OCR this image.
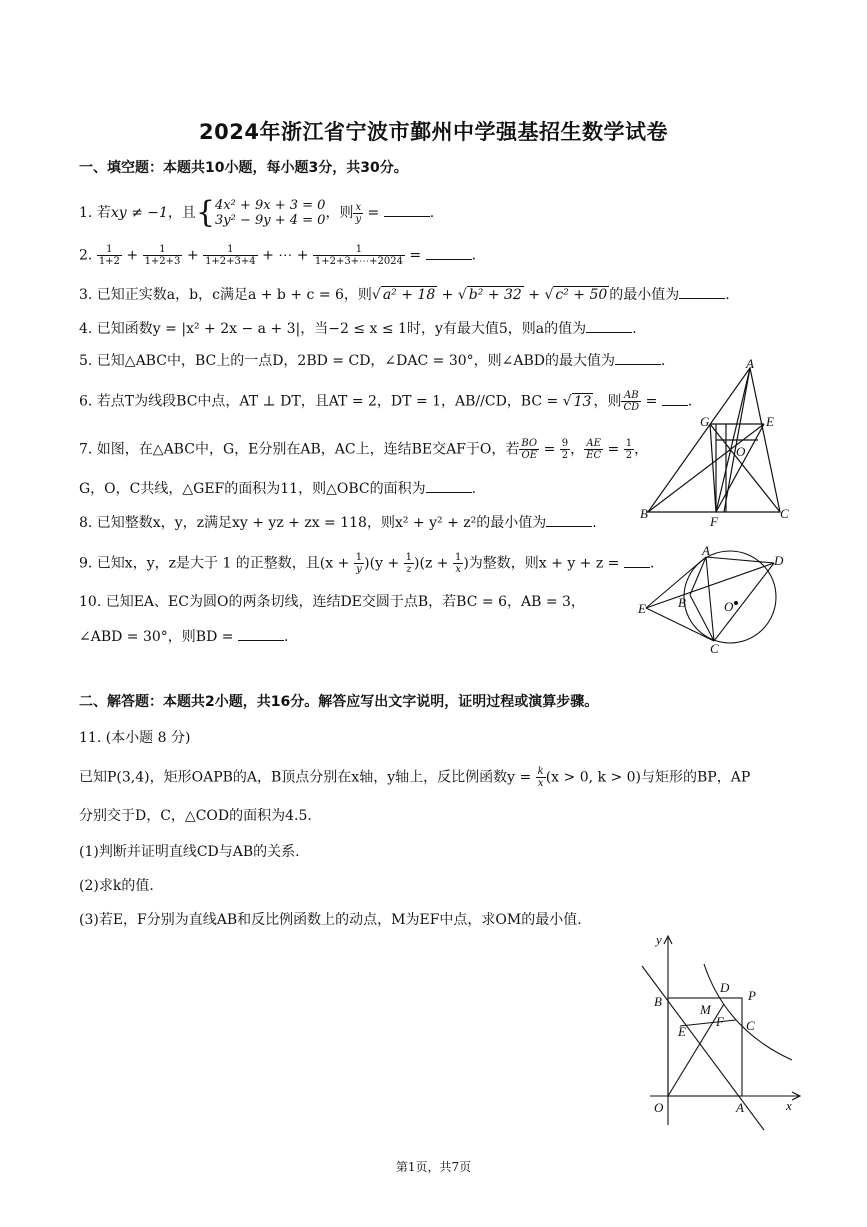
2024年浙江省宁波市鄞州中学强基招生数学试卷
一、填空题：本题共10小题，每小题3分，共30分。
1. 若xy ≠ −1，且{ 4x² + 9x + 3 = 0
3y² − 9y + 4 = 0 ，则 $\frac{x}{y}$ =	.
2. $\frac{1}{1+2} + \frac{1}{1+2+3} + \frac{1}{1+2+3+4}$ + ⋯ + $\frac{1}{1+2+3+\cdots+2024}$ =	.
3. 已知正实数a，b，c满足a + b + c = 6，则√ a² + 18 + √ b² + 32 + √ c² + 50 的最小值为	.
4. 已知函数y = |x² + 2x − a + 3|，当−2 ≤ x ≤ 1时，y有最大值5，则a的值为	.
5. 已知△ABC中，BC上的一点D，2BD = CD，∠DAC = 30°，则∠ABD的最大值为	.
6. 若点T为线段BC中点，AT ⊥ DT，且AT = 2，DT = 1，AB//CD，BC = √ 13 ，则 $\frac{AB}{CD}$ = .
7. 如图，在△ABC中，G，E分别在AB，AC上，连结BE交AF于O，若 $\frac{BO}{OE} = \frac{9}{2}$ ， $\frac{AE}{EC} = \frac{1}{2}$ ，
G，O，C共线，△GEF的面积为11，则△OBC的面积为	.
8. 已知整数x，y，z满足xy + yz + zx = 118，则x² + y² + z²的最小值为	.
9. 已知x，y，z是大于 1 的正整数，且$(x + \frac{1}{y} )(y + \frac{1}{z} )(z + \frac{1}{x}$ )为整数，则x + y + z = .
10. 已知EA、EC为圆O的两条切线，连结DE交圆于点B，若BC = 6，AB = 3，
∠ABD = 30°，则BD =	.
二、解答题：本题共2小题，共16分。解答应写出文字说明，证明过程或演算步骤。
11. (本小题 8 分)
已知P(3,4)，矩形OAPB的A，B顶点分别在x轴，y轴上，反比例函数$y = \frac{k}{x} (x > 0$, k > 0)与矩形的BP，AP
分别交于D，C，△COD的面积为4.5.
(1)判断并证明直线CD与AB的关系.
(2)求k的值.
(3)若E，F分别为直线AB和反比例函数上的动点，M为EF中点，求OM的最小值.
A
B	C
G	E
O
F
A
B
C
D
E	O
y
x
O	A
B
C
D
P
M
E
F
第1页，共7页
